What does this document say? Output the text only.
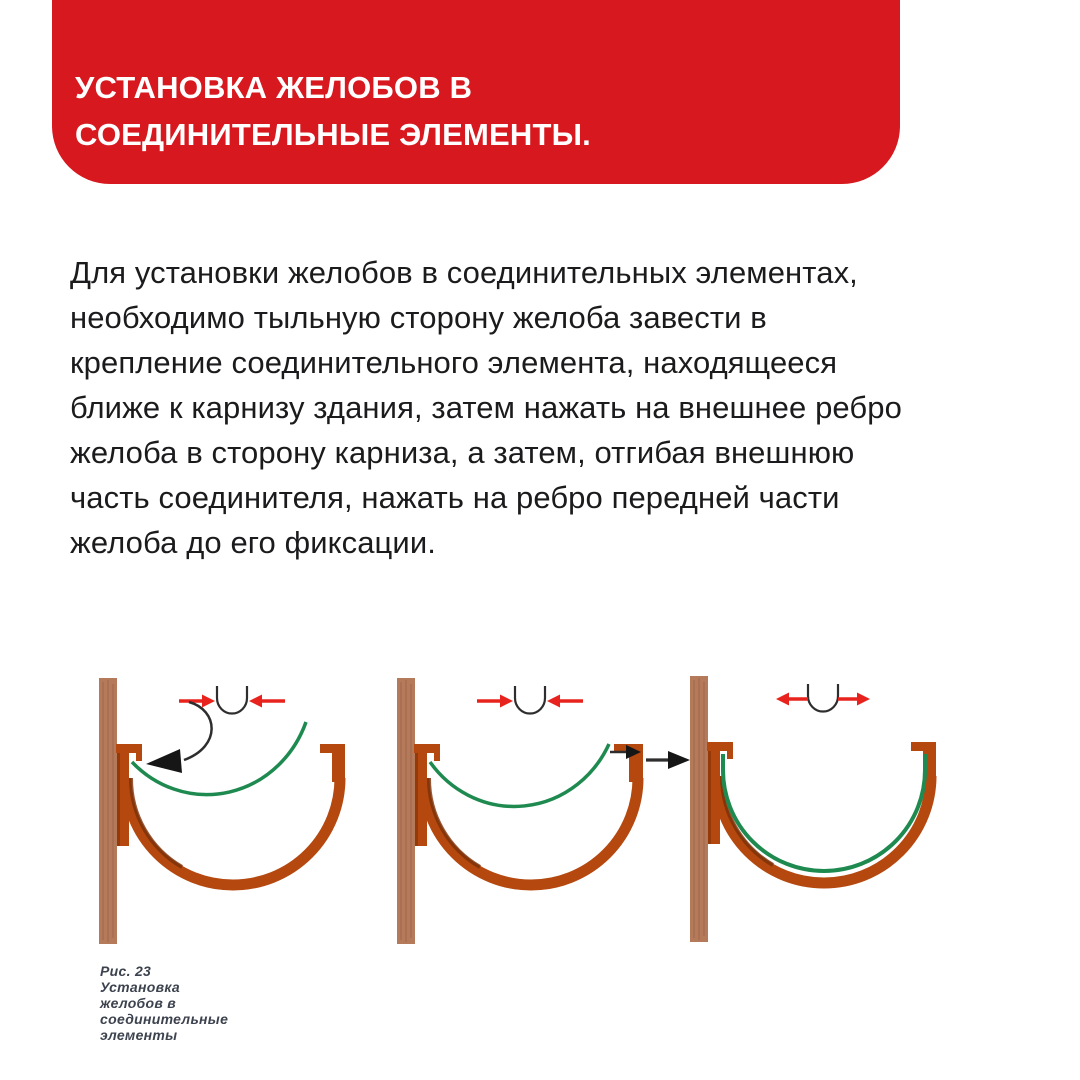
УСТАНОВКА ЖЕЛОБОВ В СОЕДИНИТЕЛЬНЫЕ ЭЛЕМЕНТЫ.
Для установки желобов в соединительных элементах,
необходимо тыльную сторону желоба завести в
крепление соединительного элемента, находящееся
ближе к карнизу здания, затем нажать на внешнее ребро
желоба в сторону карниза, а затем, отгибая внешнюю
часть соединителя, нажать на ребро передней части
желоба до его фиксации.
Рис. 23 Установка желобов в соединительные элементы
